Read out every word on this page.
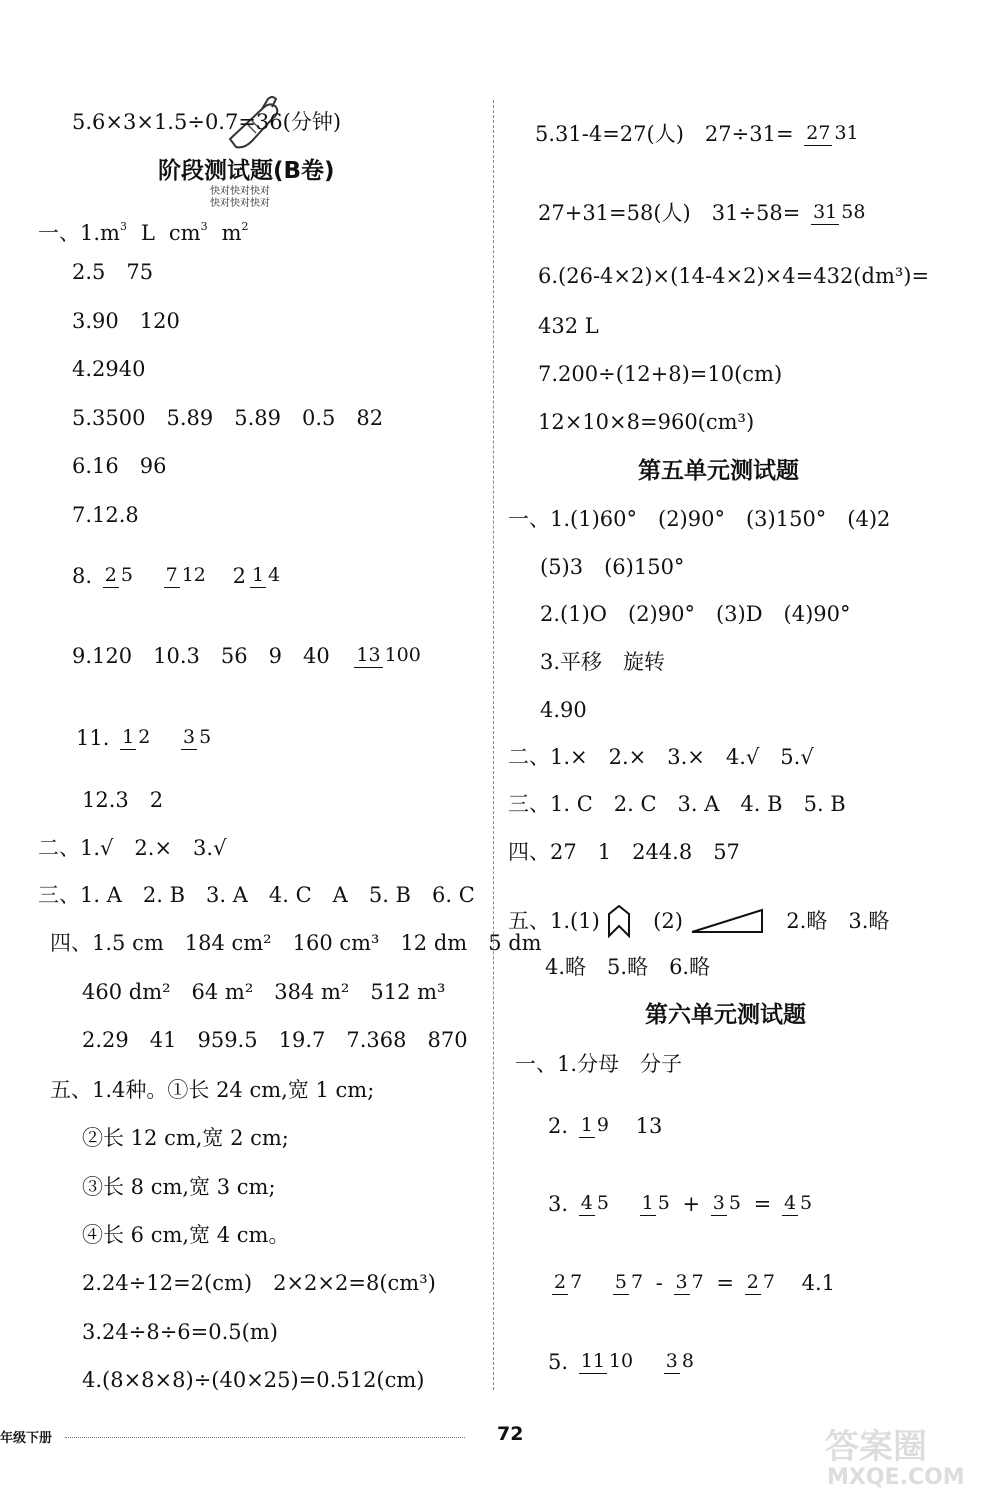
快对快对快对
快对快对快对
5.6×3×1.5÷0.7=36(分钟)
阶段测试题(B卷)
一、$1.m^3$ L $cm^3$ $m^2$
2.5　75
3.90　120
4.2940
5.3500　5.89　5.89　0.5　82
6.16　96
7.12.8
8. 2 5 7 12 2 1 4
9.120　10.3　56　9　40 13 100
11. 1 2 3 5
12.3　2
二、1.√　2.×　3.√
三、1. A　2. B　3. A　4. C　A　5. B　6. C
四、1.5 cm　184 cm²　160 cm³　12 dm　5 dm
460 dm²　64 m²　384 m²　512 m³
2.29　41　959.5　19.7　7.368　870
五、1.4种。①长 24 cm,宽 1 cm;
②长 12 cm,宽 2 cm;
③长 8 cm,宽 3 cm;
④长 6 cm,宽 4 cm。
2.24÷12=2(cm)　2×2×2=8(cm³)
3.24÷8÷6=0.5(m)
4.(8×8×8)÷(40×25)=0.512(cm)
5.31-4=27(人)　27÷31= 27 31
27+31=58(人)　31÷58= 31 58
6.(26-4×2)×(14-4×2)×4=432(dm³)=
432 L
7.200÷(12+8)=10(cm)
12×10×8=960(cm³)
第五单元测试题
一、1.(1)60°　(2)90°　(3)150°　(4)2
(5)3　(6)150°
2.(1)O　(2)90°　(3)D　(4)90°
3.平移　旋转
4.90
二、1.×　2.×　3.×　4.√　5.√
三、1. C　2. C　3. A　4. B　5. B
四、27　1　244.8　57
五、1.(1)	(2)	2.略　3.略
4.略　5.略　6.略
第六单元测试题
一、1.分母　分子
2. 1 9 13
3. 4 5 1 5 + 3 5 = 4 5
2 7 5 7 - 3 7 = 2 7 4.1
5. 11 10 3 8
年级下册	72	答案圈
MXQE.COM
